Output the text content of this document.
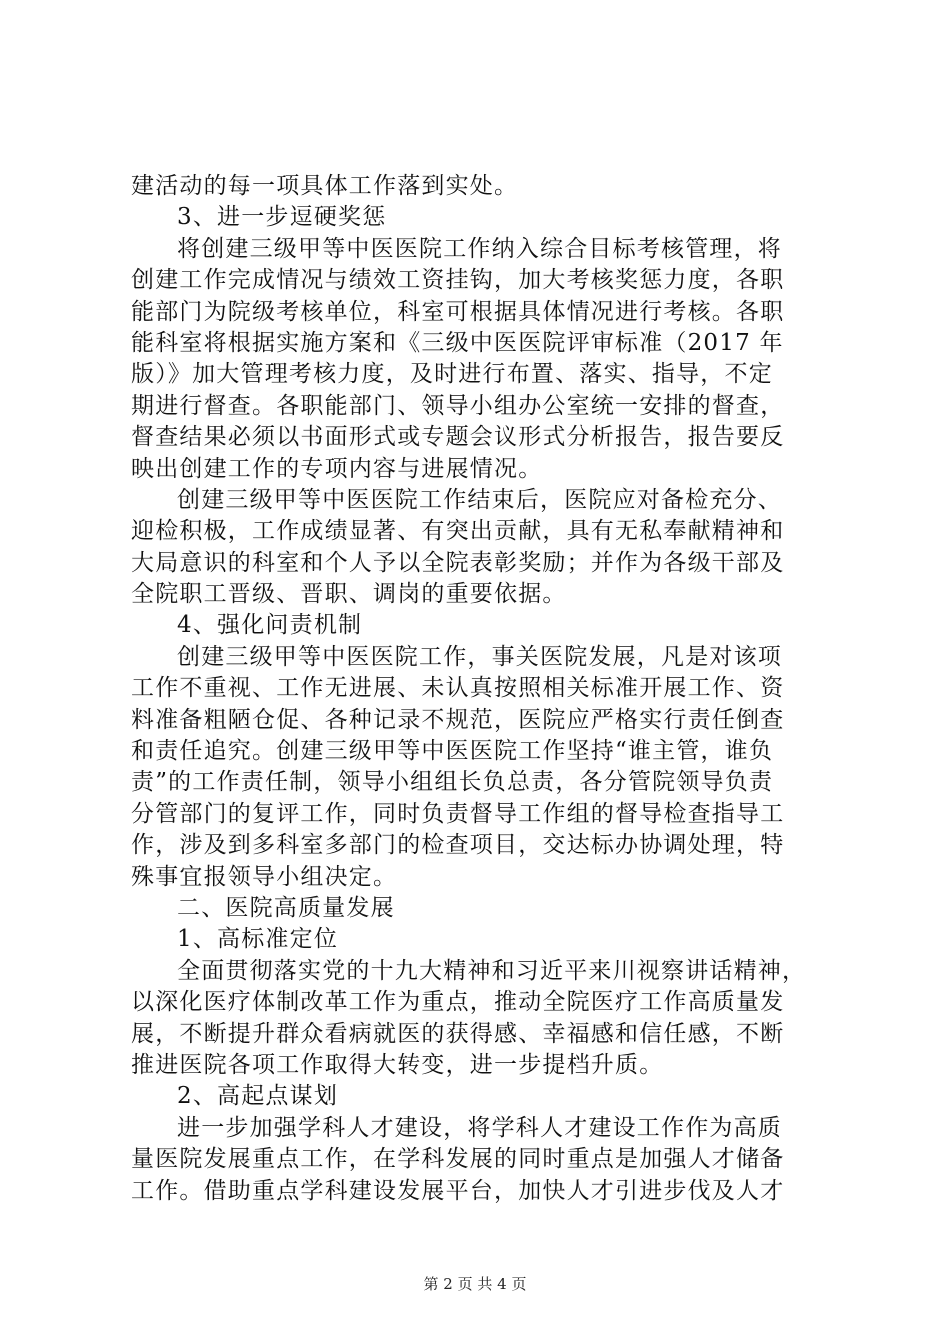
建活动的每一项具体工作落到实处。
3、进一步逗硬奖惩
将创建三级甲等中医医院工作纳入综合目标考核管理，将
创建工作完成情况与绩效工资挂钩，加大考核奖惩力度，各职
能部门为院级考核单位，科室可根据具体情况进行考核。各职
能科室将根据实施方案和《三级中医医院评审标准（2017 年
版）》加大管理考核力度，及时进行布置、落实、指导，不定
期进行督查。各职能部门、领导小组办公室统一安排的督查，
督查结果必须以书面形式或专题会议形式分析报告，报告要反
映出创建工作的专项内容与进展情况。
创建三级甲等中医医院工作结束后，医院应对备检充分、
迎检积极，工作成绩显著、有突出贡献，具有无私奉献精神和
大局意识的科室和个人予以全院表彰奖励；并作为各级干部及
全院职工晋级、晋职、调岗的重要依据。
4、强化问责机制
创建三级甲等中医医院工作，事关医院发展，凡是对该项
工作不重视、工作无进展、未认真按照相关标准开展工作、资
料准备粗陋仓促、各种记录不规范，医院应严格实行责任倒查
和责任追究。创建三级甲等中医医院工作坚持“谁主管，谁负
责”的工作责任制，领导小组组长负总责，各分管院领导负责
分管部门的复评工作，同时负责督导工作组的督导检查指导工
作，涉及到多科室多部门的检查项目，交达标办协调处理，特
殊事宜报领导小组决定。
二、医院高质量发展
1、高标准定位
全面贯彻落实党的十九大精神和习近平来川视察讲话精神，
以深化医疗体制改革工作为重点，推动全院医疗工作高质量发
展，不断提升群众看病就医的获得感、幸福感和信任感，不断
推进医院各项工作取得大转变，进一步提档升质。
2、高起点谋划
进一步加强学科人才建设，将学科人才建设工作作为高质
量医院发展重点工作，在学科发展的同时重点是加强人才储备
工作。借助重点学科建设发展平台，加快人才引进步伐及人才
第 2 页 共 4 页
